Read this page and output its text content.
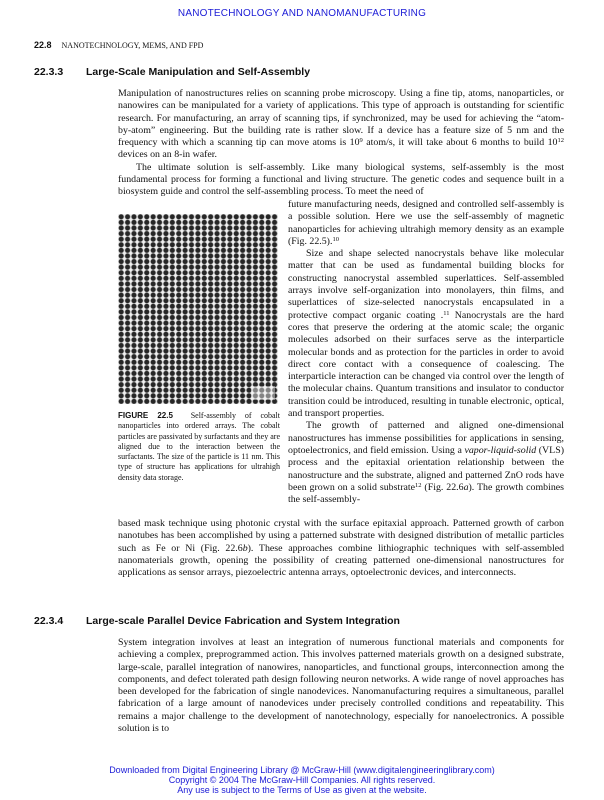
NANOTECHNOLOGY AND NANOMANUFACTURING
22.8 NANOTECHNOLOGY, MEMS, AND FPD
22.3.3 Large-Scale Manipulation and Self-Assembly

Manipulation of nanostructures relies on scanning probe microscopy. Using a fine tip, atoms, nanoparticles, or nanowires can be manipulated for a variety of applications. This type of approach is outstanding for scientific research. For manufacturing, an array of scanning tips, if synchronized, may be used for achieving the “atom-by-atom” engineering. But the building rate is rather slow. If a device has a feature size of 5 nm and the frequency with which a scanning tip can move atoms is $10^9$ atom/s, it will take about 6 months to build $10^{12}$ devices on an 8-in wafer.

The ultimate solution is self-assembly. Like many biological systems, self-assembly is the most fundamental process for forming a functional and living structure. The genetic codes and sequence built in a biosystem guide and control the self-assembling process. To meet the need of

FIGURE 22.5 Self-assembly of cobalt nanoparticles into ordered arrays. The cobalt particles are passivated by surfactants and they are aligned due to the interaction between the surfactants. The size of the particle is 11 nm. This type of structure has applications for ultrahigh density data storage.

future manufacturing needs, designed and controlled self-assembly is a possible solution. Here we use the self-assembly of magnetic nanoparticles for achieving ultrahigh memory density as an example (Fig. 22.5).$^{10}$

Size and shape selected nanocrystals behave like molecular matter that can be used as fundamental building blocks for constructing nanocrystal assembled superlattices. Self-assembled arrays involve self-organization into monolayers, thin films, and superlattices of size-selected nanocrystals encapsulated in a protective compact organic coating .$^{11}$ Nanocrystals are the hard cores that preserve the ordering at the atomic scale; the organic molecules adsorbed on their surfaces serve as the interparticle molecular bonds and as protection for the particles in order to avoid direct core contact with a consequence of coalescing. The interparticle interaction can be changed via control over the length of the molecular chains. Quantum transitions and insulator to conductor transition could be introduced, resulting in tunable electronic, optical, and transport properties.

The growth of patterned and aligned one-dimensional nanostructures has immense possibilities for applications in sensing, optoelectronics, and field emission. Using a vapor-liquid-solid (VLS) process and the epitaxial orientation relationship between the nanostructure and the substrate, aligned and patterned ZnO rods have been grown on a solid substrate$^{12}$ (Fig. 22.6a). The growth combines the self-assembly-

based mask technique using photonic crystal with the surface epitaxial approach. Patterned growth of carbon nanotubes has been accomplished by using a patterned substrate with designed distribution of metallic particles such as Fe or Ni (Fig. 22.6b). These approaches combine lithiographic techniques with self-assembled nanomaterials growth, opening the possibility of creating patterned one-dimensional nanostructures for applications as sensor arrays, piezoelectric antenna arrays, optoelectronic devices, and interconnects.

22.3.4 Large-scale Parallel Device Fabrication and System Integration

System integration involves at least an integration of numerous functional materials and components for achieving a complex, preprogrammed action. This involves patterned materials growth on a designed substrate, large-scale, parallel integration of nanowires, nanoparticles, and functional groups, interconnection among the components, and defect tolerated path design following neuron networks. A wide range of novel approaches has been developed for the fabrication of single nanodevices. Nanomanufacturing requires a simultaneous, parallel fabrication of a large amount of nanodevices under precisely controlled conditions and repeatability. This remains a major challenge to the development of nanotechnology, especially for nanoelectronics. A possible solution is to

Downloaded from Digital Engineering Library @ McGraw-Hill (www.digitalengineeringlibrary.com)
Copyright © 2004 The McGraw-Hill Companies. All rights reserved.
Any use is subject to the Terms of Use as given at the website.
